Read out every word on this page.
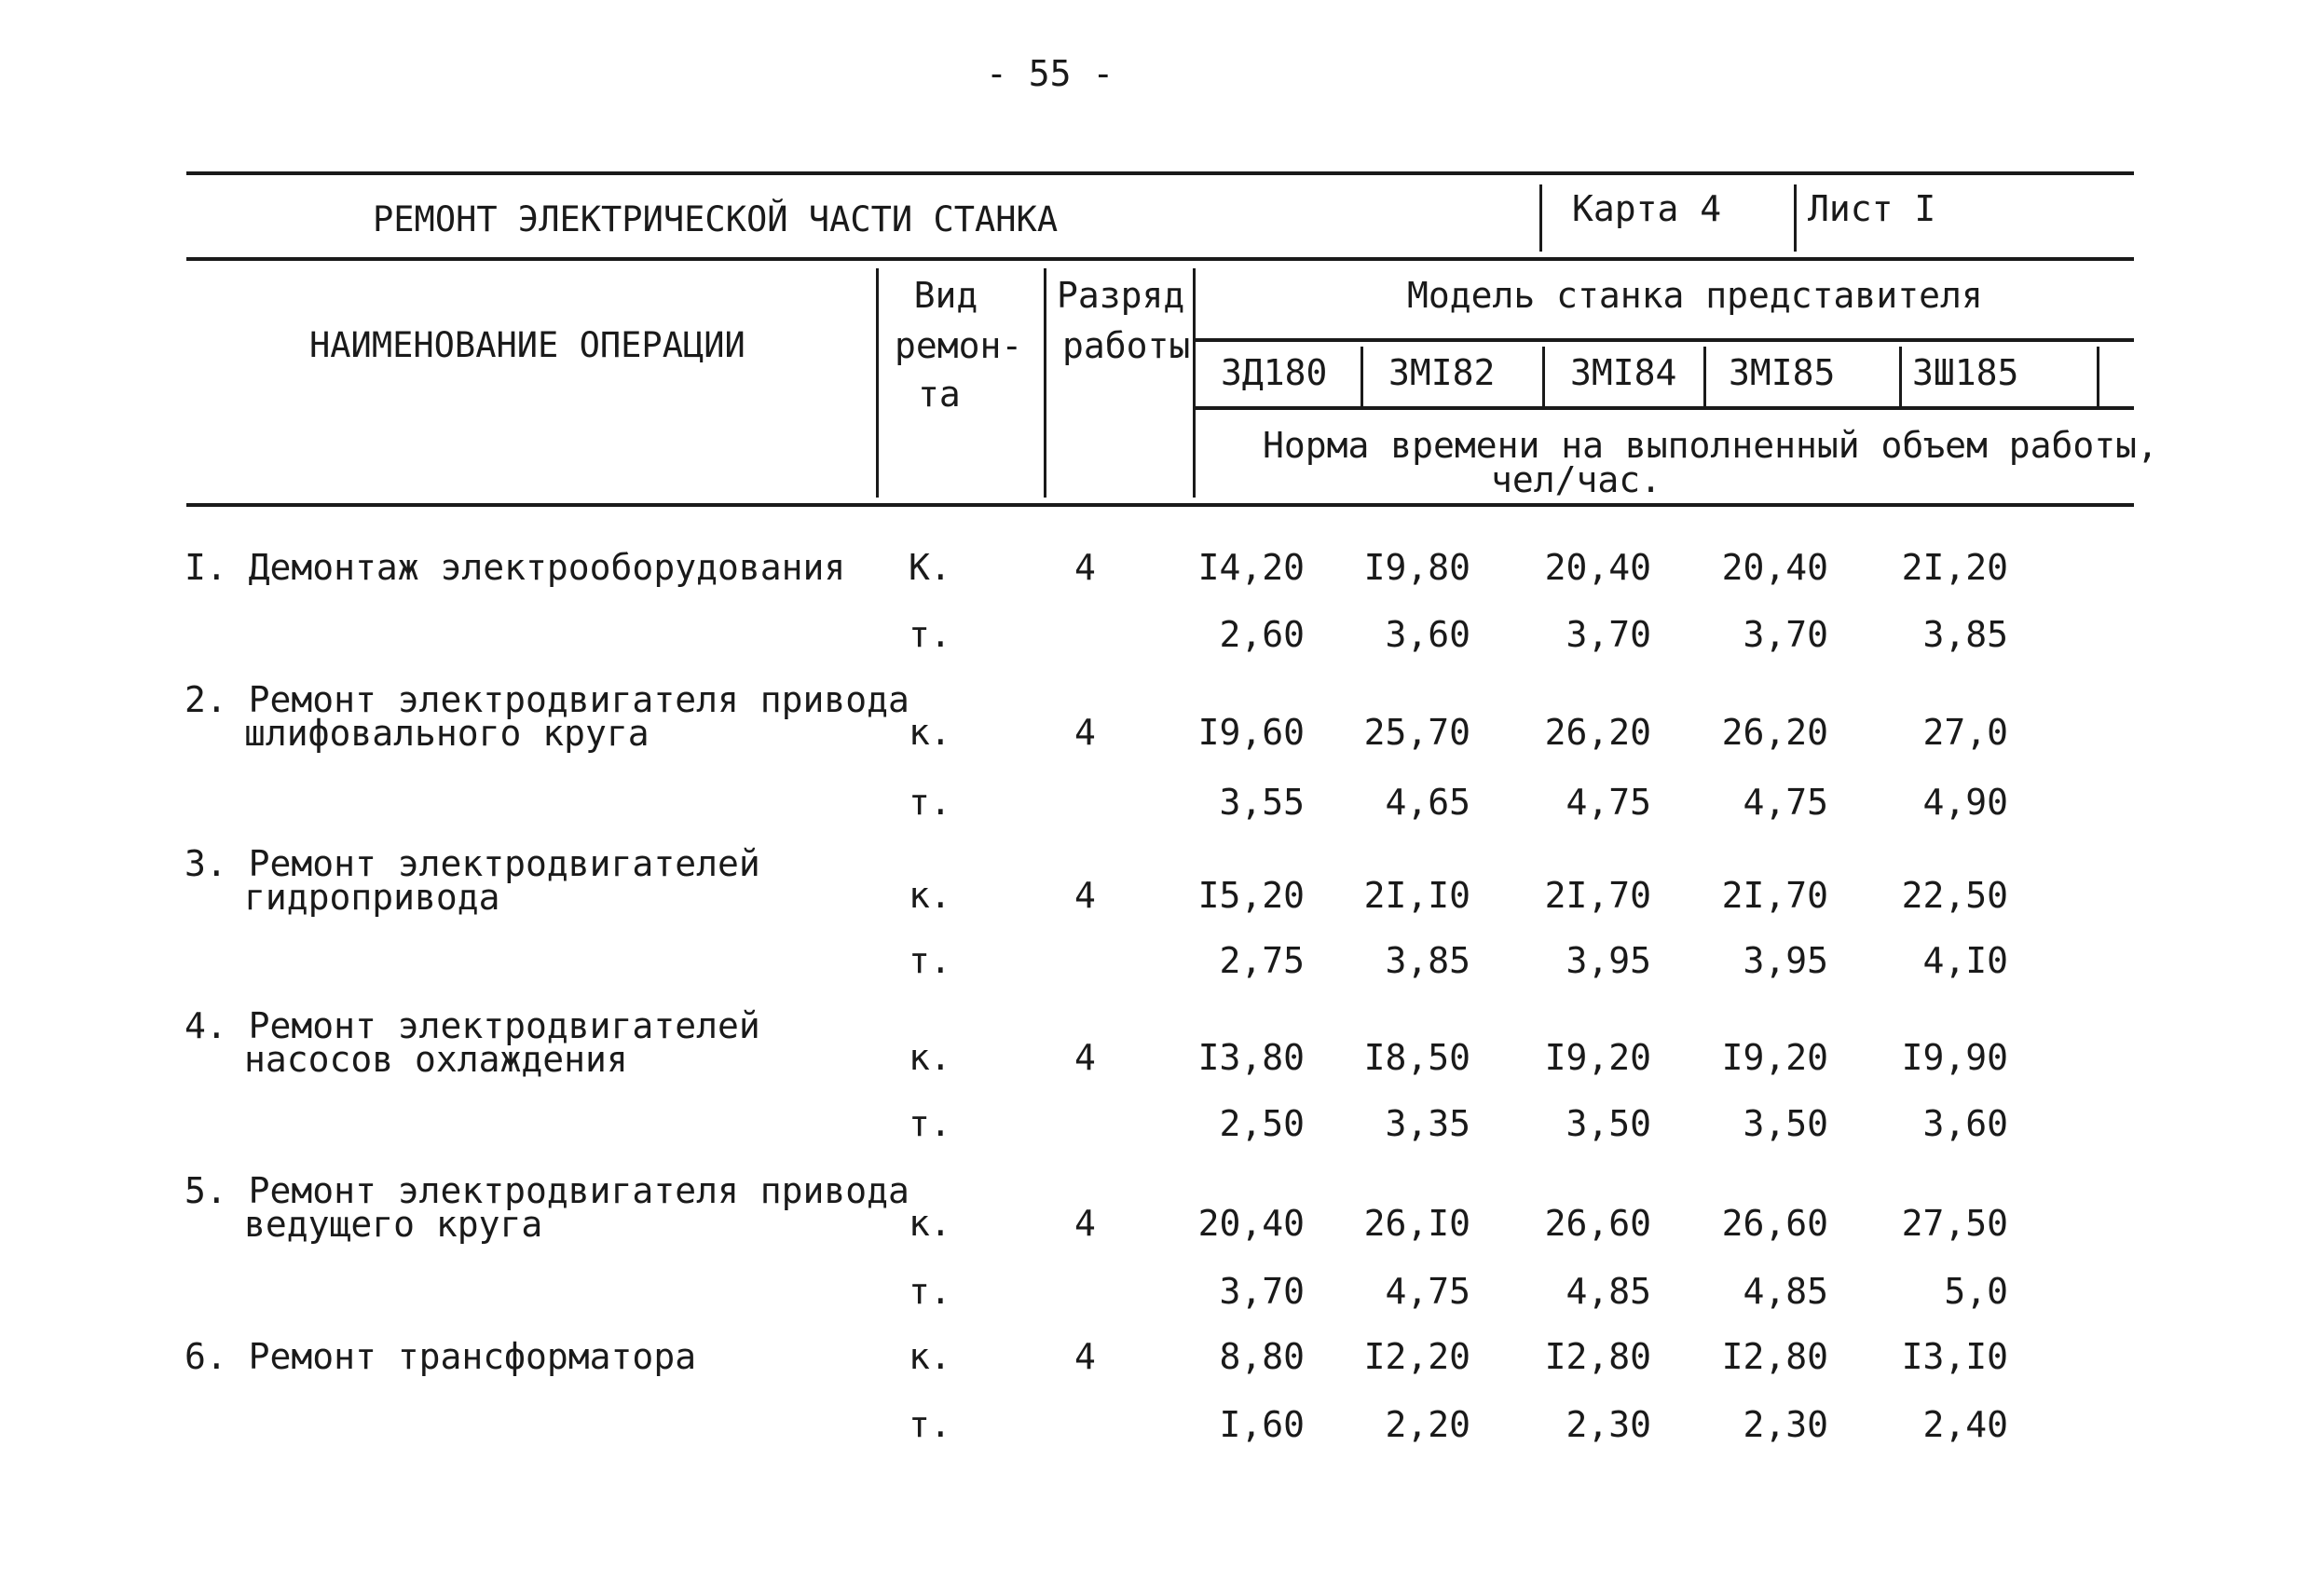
- 55 -
РЕМОНТ ЭЛЕКТРИЧЕСКОЙ ЧАСТИ СТАНКА	Карта 4 Лист I
НАИМЕНОВАНИЕ ОПЕРАЦИИ
Вид
ремон-
та
Разряд
работы
Модель станка представителя
3Д180 3МI82 3МI84 3МI85 3Ш185
Норма времени на выполненный объем работы,
чел/час.
I. Демонтаж электрооборудования К.	4	I4,20	I9,80	20,40	20,40	2I,20
т.	2,60	3,60	3,70	3,70	3,85
2. Ремонт электродвигателя привода
шлифовального круга	к.	4	I9,60	25,70	26,20	26,20	27,0
т.	3,55	4,65	4,75	4,75	4,90
3. Ремонт электродвигателей
гидропривода	к.	4	I5,20	2I,I0	2I,70	2I,70	22,50
т.	2,75	3,85	3,95	3,95	4,I0
4. Ремонт электродвигателей
насосов охлаждения	к.	4	I3,80	I8,50	I9,20	I9,20	I9,90
т.	2,50	3,35	3,50	3,50	3,60
5. Ремонт электродвигателя привода
ведущего круга	к.	4	20,40	26,I0	26,60	26,60	27,50
т.	3,70	4,75	4,85	4,85	5,0
6. Ремонт трансформатора	к.	4	8,80	I2,20	I2,80	I2,80	I3,I0
т.	I,60	2,20	2,30	2,30	2,40
